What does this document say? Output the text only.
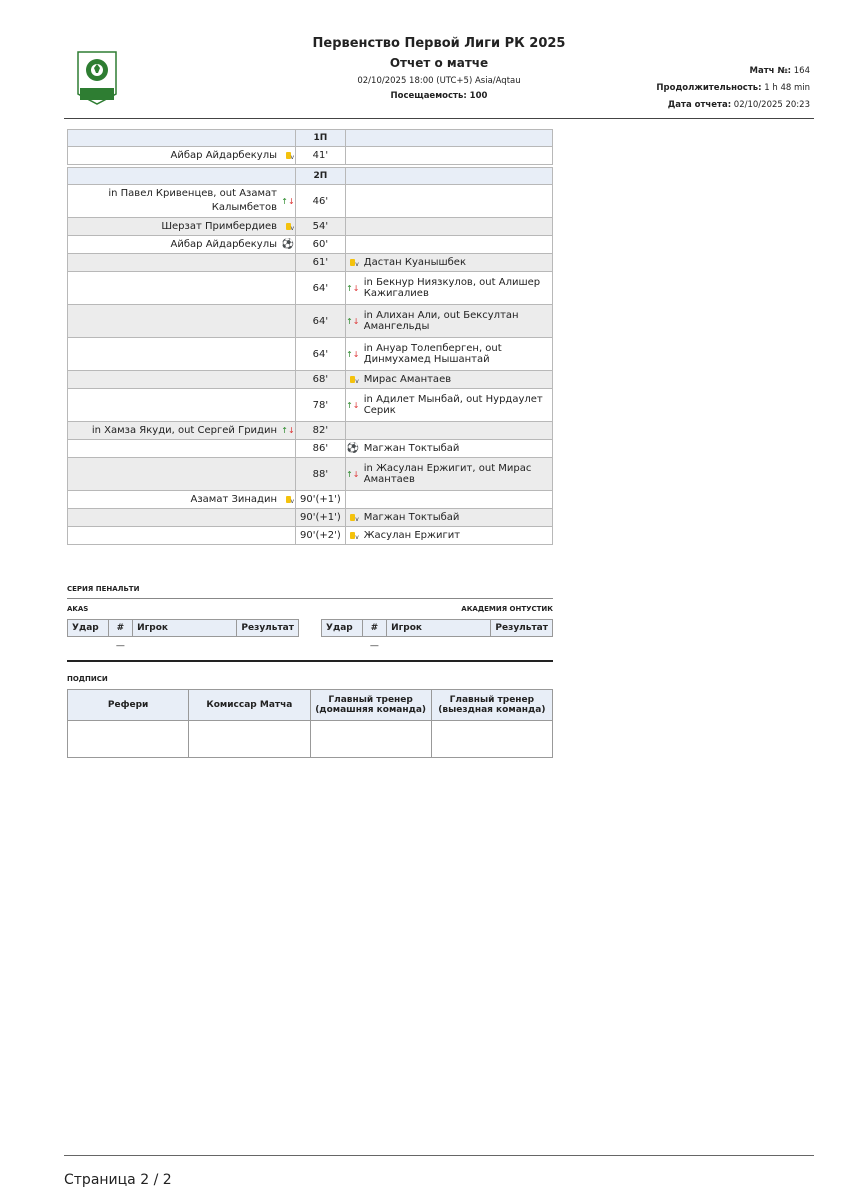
Первенство Первой Лиги РК 2025
Отчет о матче
02/10/2025 18:00 (UTC+5) Asia/Aqtau
Посещаемость: 100
Матч №: 164
Продолжительность: 1 h 48 min
Дата отчета: 02/10/2025 20:23
		1П		
Айбар Айдарбекулы	v	41'		

		2П		
in Павел Кривенцев, out Азамат Калымбетов	↑↓	46'		
Шерзат Примбердиев	v	54'		
Айбар Айдарбекулы	⚽	60'		
		61'	v	Дастан Куанышбек
		64'	↑↓	in Бекнур Ниязкулов, out Алишер Кажигалиев
		64'	↑↓	in Алихан Али, out Бексултан Амангельды
		64'	↑↓	in Ануар Толепберген, out Динмухамед Нышантай
		68'	v	Мирас Амантаев
		78'	↑↓	in Адилет Мынбай, out Нурдаулет Серик
in Хамза Якуди, out Сергей Гридин	↑↓	82'		
		86'	⚽	Магжан Токтыбай
		88'	↑↓	in Жасулан Ержигит, out Мирас Амантаев
Азамат Зинадин	v	90'(+1')		
		90'(+1')	v	Магжан Токтыбай
		90'(+2')	v	Жасулан Ержигит
СЕРИЯ ПЕНАЛЬТИ
AKAS	АКАДЕМИЯ ОНТУСТИК
Удар	#	Игрок	Результат
	—		
Удар	#	Игрок	Результат
	—		
ПОДПИСИ
Рефери	Комиссар Матча	Главный тренер (домашняя команда)	Главный тренер (выездная команда)

Страница 2 / 2
